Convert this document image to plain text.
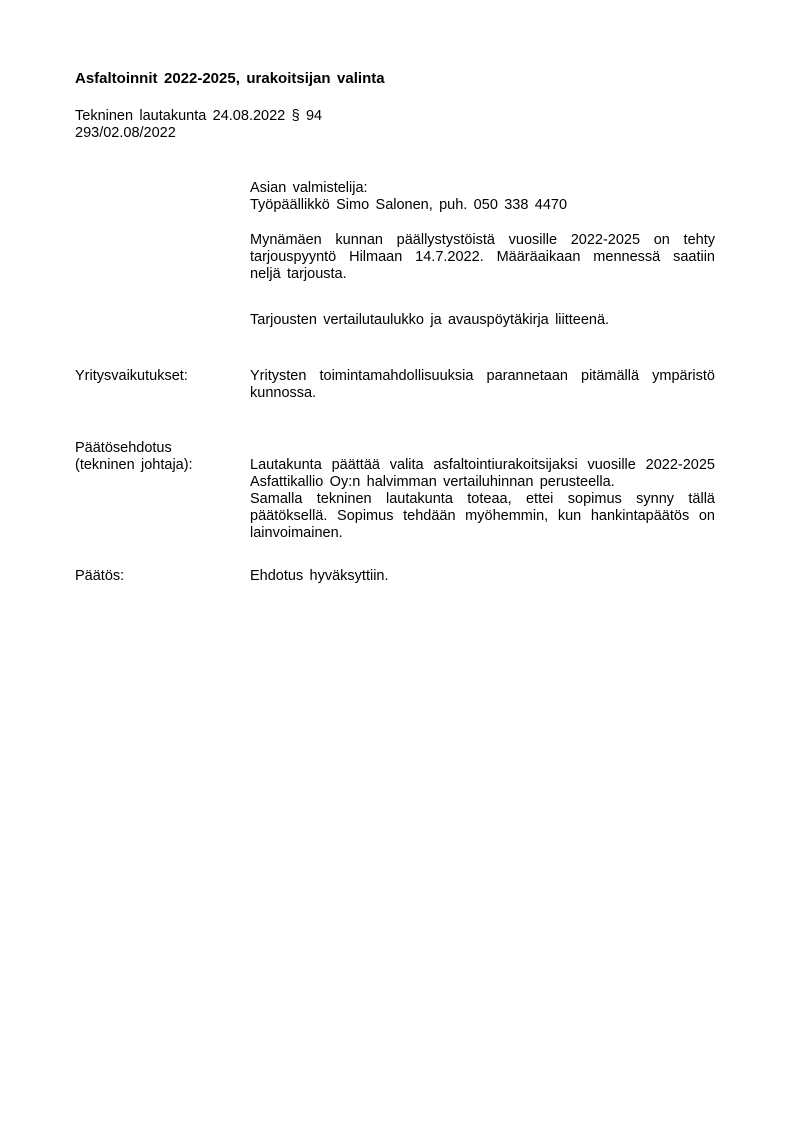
Asfaltoinnit 2022-2025, urakoitsijan valinta
Tekninen lautakunta 24.08.2022 § 94
293/02.08/2022
Asian valmistelija:
Työpäällikkö Simo Salonen, puh. 050 338 4470
Mynämäen kunnan päällystystöistä vuosille 2022-2025 on tehty tarjouspyyntö Hilmaan 14.7.2022. Määräaikaan mennessä saatiin neljä tarjousta.
Tarjousten vertailutaulukko ja avauspöytäkirja liitteenä.
Yritysvaikutukset:	Yritysten toimintamahdollisuuksia parannetaan pitämällä ympäristö kunnossa.
Päätösehdotus
(tekninen johtaja):	Lautakunta päättää valita asfaltointiurakoitsijaksi vuosille 2022-2025 Asfattikallio Oy:n halvimman vertailuhinnan perusteella.
Samalla tekninen lautakunta toteaa, ettei sopimus synny tällä päätöksellä. Sopimus tehdään myöhemmin, kun hankintapäätös on lainvoimainen.
Päätös:	Ehdotus hyväksyttiin.
